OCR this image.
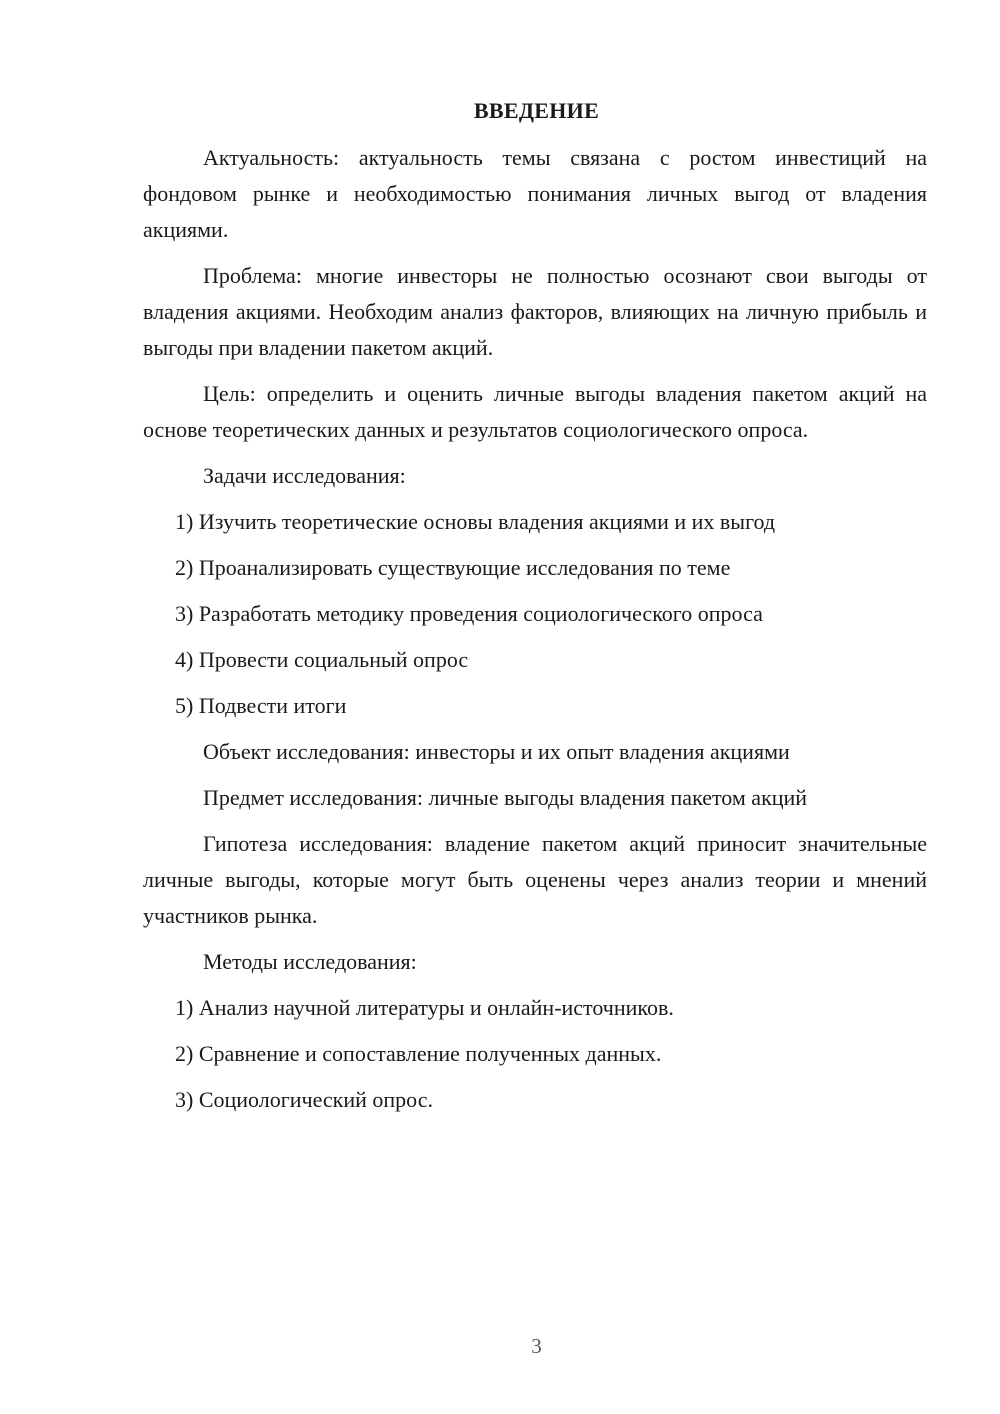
ВВЕДЕНИЕ

Актуальность: актуальность темы связана с ростом инвестиций на фондовом рынке и необходимостью понимания личных выгод от владения акциями.

Проблема: многие инвесторы не полностью осознают свои выгоды от владения акциями. Необходим анализ факторов, влияющих на личную прибыль и выгоды при владении пакетом акций.

Цель: определить и оценить личные выгоды владения пакетом акций на основе теоретических данных и результатов социологического опроса.

Задачи исследования:

1) Изучить теоретические основы владения акциями и их выгод
2) Проанализировать существующие исследования по теме
3) Разработать методику проведения социологического опроса
4) Провести социальный опрос
5) Подвести итоги

Объект исследования: инвесторы и их опыт владения акциями

Предмет исследования: личные выгоды владения пакетом акций

Гипотеза исследования: владение пакетом акций приносит значительные личные выгоды, которые могут быть оценены через анализ теории и мнений участников рынка.

Методы исследования:

1) Анализ научной литературы и онлайн-источников.
2) Сравнение и сопоставление полученных данных.
3) Социологический опрос.
3
